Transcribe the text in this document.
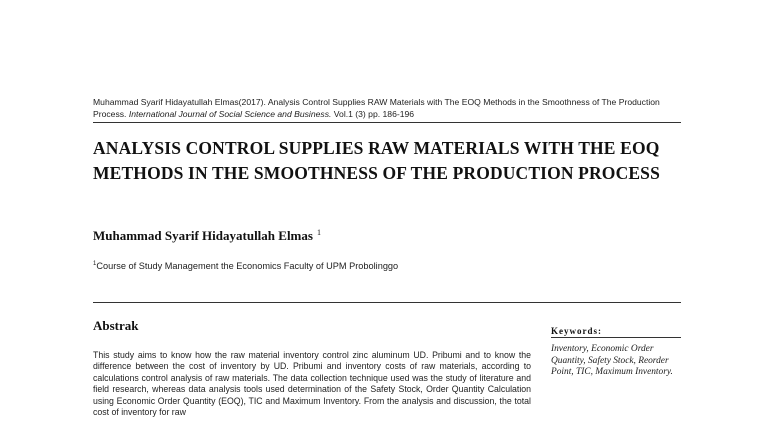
Muhammad Syarif Hidayatullah Elmas(2017). Analysis Control Supplies RAW Materials with The EOQ Methods in the Smoothness of The Production Process. International Journal of Social Science and Business. Vol.1 (3) pp. 186-196
ANALYSIS CONTROL SUPPLIES RAW MATERIALS WITH THE EOQ METHODS IN THE SMOOTHNESS OF THE PRODUCTION PROCESS
Muhammad Syarif Hidayatullah Elmas $^1$
$^1$Course of Study Management the Economics Faculty of UPM Probolinggo
Abstrak
This study aims to know how the raw material inventory control zinc aluminum UD. Pribumi and to know the difference between the cost of inventory by UD. Pribumi and inventory costs of raw materials, according to calculations control analysis of raw materials. The data collection technique used was the study of literature and field research, whereas data analysis tools used determination of the Safety Stock, Order Quantity Calculation using Economic Order Quantity (EOQ), TIC and Maximum Inventory. From the analysis and discussion, the total cost of inventory for raw
Keywords:
Inventory, Economic Order Quantity, Safety Stock, Reorder Point, TIC, Maximum Inventory.
